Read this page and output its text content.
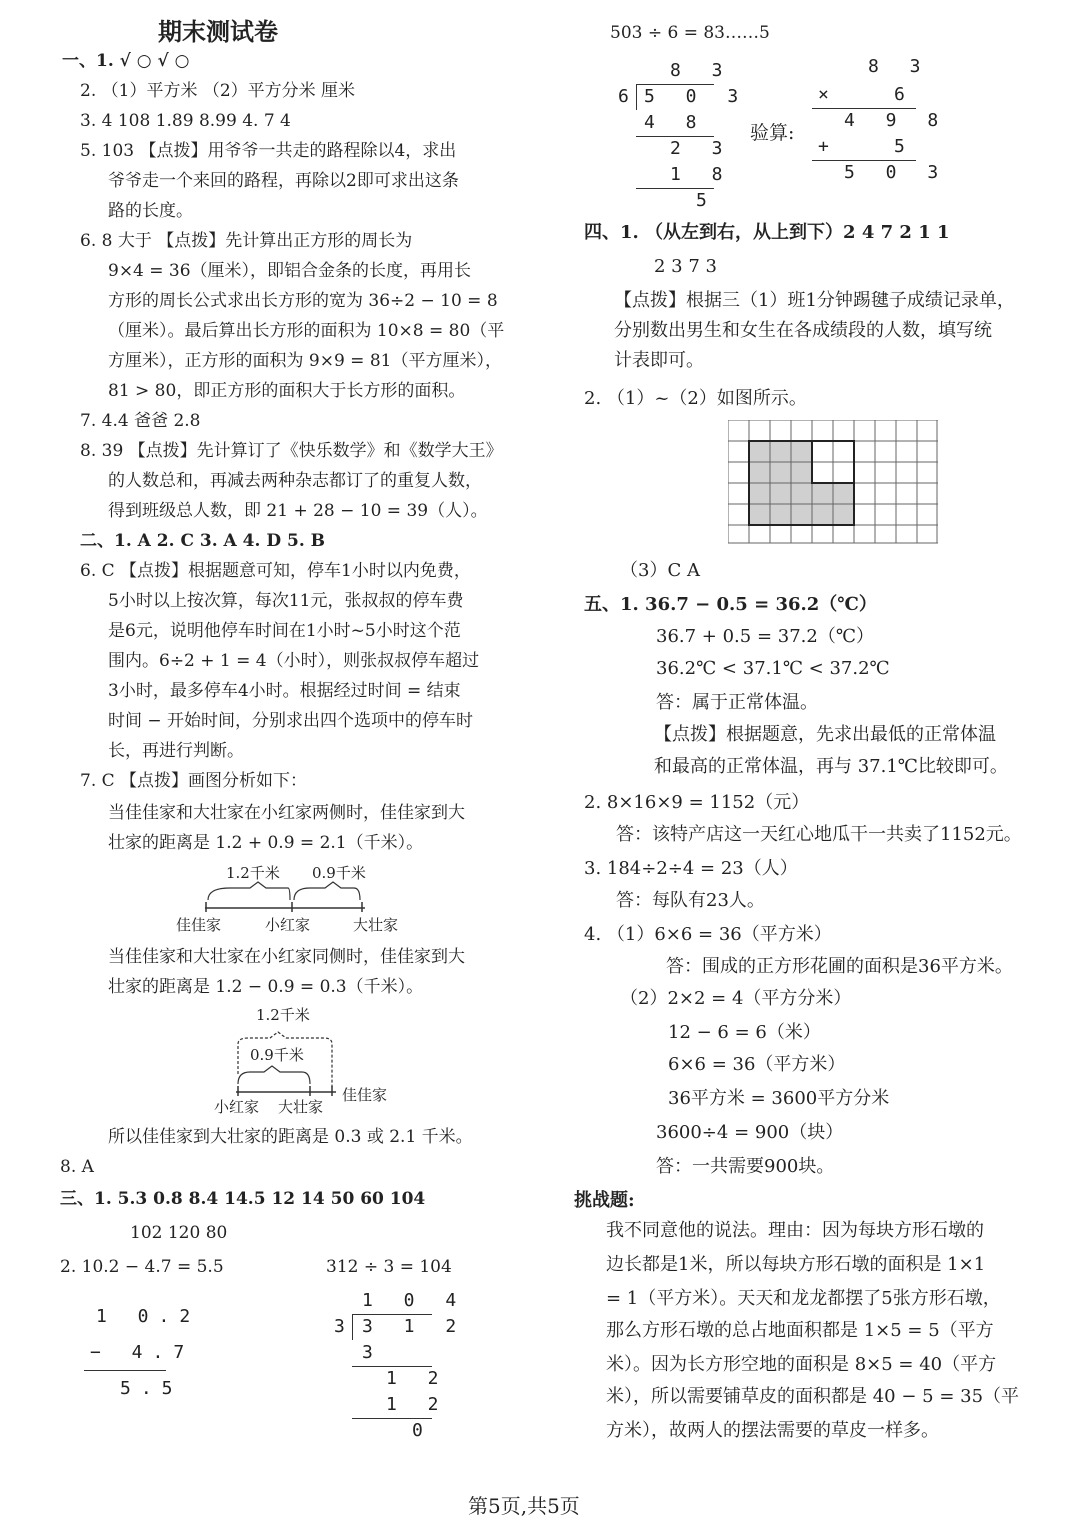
期末测试卷
一、1. √ ○ √ ○
2. （1）平方米 （2）平方分米 厘米
3. 4 108 1.89 8.99 4. 7 4
5. 103 【点拨】用爷爷一共走的路程除以4，求出
爷爷走一个来回的路程，再除以2即可求出这条
路的长度。
6. 8 大于 【点拨】先计算出正方形的周长为
9×4 = 36（厘米），即铝合金条的长度，再用长
方形的周长公式求出长方形的宽为 36÷2 − 10 = 8
（厘米）。最后算出长方形的面积为 10×8 = 80（平
方厘米），正方形的面积为 9×9 = 81（平方厘米），
81 > 80，即正方形的面积大于长方形的面积。
7. 4.4 爸爸 2.8
8. 39 【点拨】先计算订了《快乐数学》和《数学大王》
的人数总和，再减去两种杂志都订了的重复人数，
得到班级总人数，即 21 + 28 − 10 = 39（人）。
二、1. A 2. C 3. A 4. D 5. B
6. C 【点拨】根据题意可知，停车1小时以内免费，
5小时以上按次算，每次11元，张叔叔的停车费
是6元，说明他停车时间在1小时~5小时这个范
围内。6÷2 + 1 = 4（小时），则张叔叔停车超过
3小时，最多停车4小时。根据经过时间 = 结束
时间 − 开始时间，分别求出四个选项中的停车时
长，再进行判断。
7. C 【点拨】画图分析如下：
当佳佳家和大壮家在小红家两侧时，佳佳家到大
壮家的距离是 1.2 + 0.9 = 2.1（千米）。
1.2千米 0.9千米
佳佳家	小红家	大壮家
当佳佳家和大壮家在小红家同侧时，佳佳家到大
壮家的距离是 1.2 − 0.9 = 0.3（千米）。
1.2千米
0.9千米
小红家 大壮家
佳佳家
所以佳佳家到大壮家的距离是 0.3 或 2.1 千米。
8. A
三、1. 5.3 0.8 8.4 14.5 12 14 50 60 104
102 120 80
2. 10.2 − 4.7 = 5.5	312 ÷ 3 = 104
1 0.2
− 4.7
5.5
1 0 4
3 3 1 2
3
1 2
1 2
0
503 ÷ 6 = 83……5
8 3
6 5 0 3
4 8
2 3
1 8
5
验算:
8 3
×	6
4 9 8
+	5
5 0 3
四、1. （从左到右，从上到下）2 4 7 2 1 1
2 3 7 3
【点拨】根据三（1）班1分钟踢毽子成绩记录单，
分别数出男生和女生在各成绩段的人数，填写统
计表即可。
2. （1）~（2）如图所示。
（3）C A
五、1. 36.7 − 0.5 = 36.2（℃）
36.7 + 0.5 = 37.2（℃）
36.2℃ < 37.1℃ < 37.2℃
答：属于正常体温。
【点拨】根据题意，先求出最低的正常体温
和最高的正常体温，再与 37.1℃比较即可。
2. 8×16×9 = 1152（元）
答：该特产店这一天红心地瓜干一共卖了1152元。
3. 184÷2÷4 = 23（人）
答：每队有23人。
4. （1）6×6 = 36（平方米）
答：围成的正方形花圃的面积是36平方米。
（2）2×2 = 4（平方分米）
12 − 6 = 6（米）
6×6 = 36（平方米）
36平方米 = 3600平方分米
3600÷4 = 900（块）
答：一共需要900块。
挑战题:
我不同意他的说法。理由：因为每块方形石墩的
边长都是1米，所以每块方形石墩的面积是 1×1
= 1（平方米）。天天和龙龙都摆了5张方形石墩，
那么方形石墩的总占地面积都是 1×5 = 5（平方
米）。因为长方形空地的面积是 8×5 = 40（平方
米），所以需要铺草皮的面积都是 40 − 5 = 35（平
方米），故两人的摆法需要的草皮一样多。
第5页,共5页
